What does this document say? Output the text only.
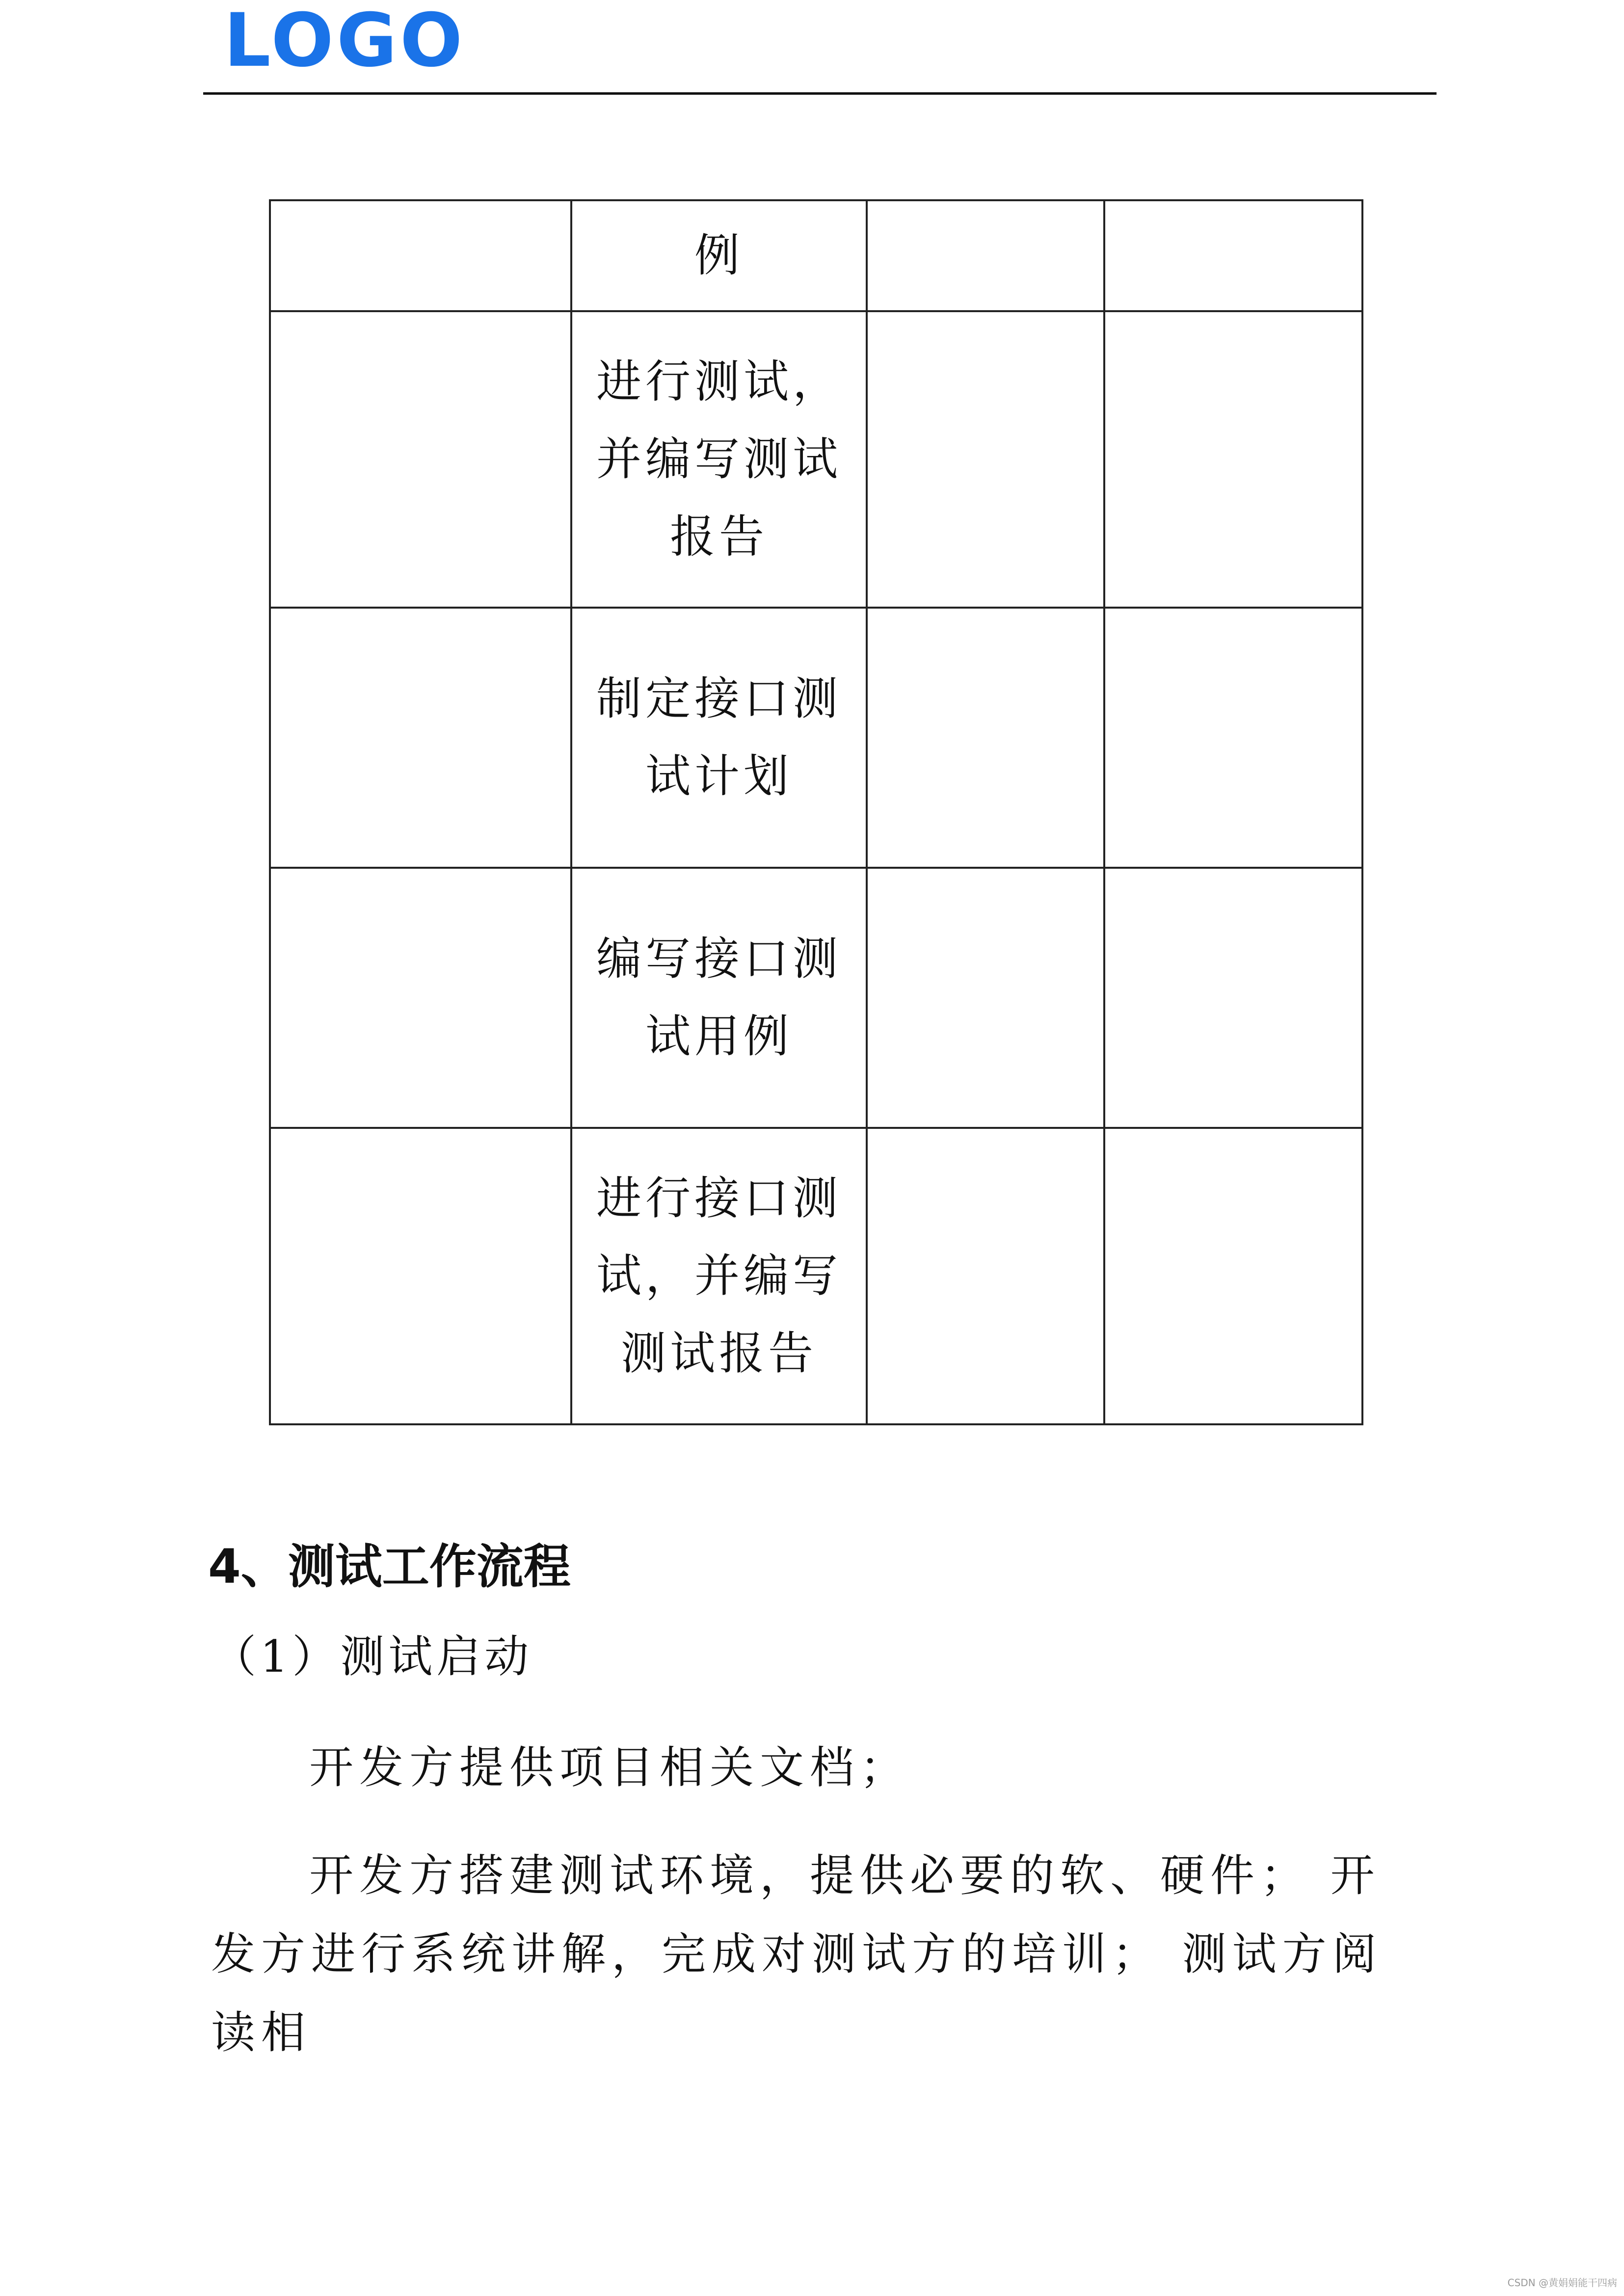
LOGO

	例		

	进行测试，
并编写测试
报告		

	制定接口测
试计划		

	编写接口测
试用例		

	进行接口测
试，并编写
测试报告		

4、测试工作流程
（1）测试启动
开发方提供项目相关文档；
开发方搭建测试环境，提供必要的软、硬件； 开发方进行系统讲解，完成对测试方的培训； 测试方阅读相
CSDN @黄娟娟能干四病
